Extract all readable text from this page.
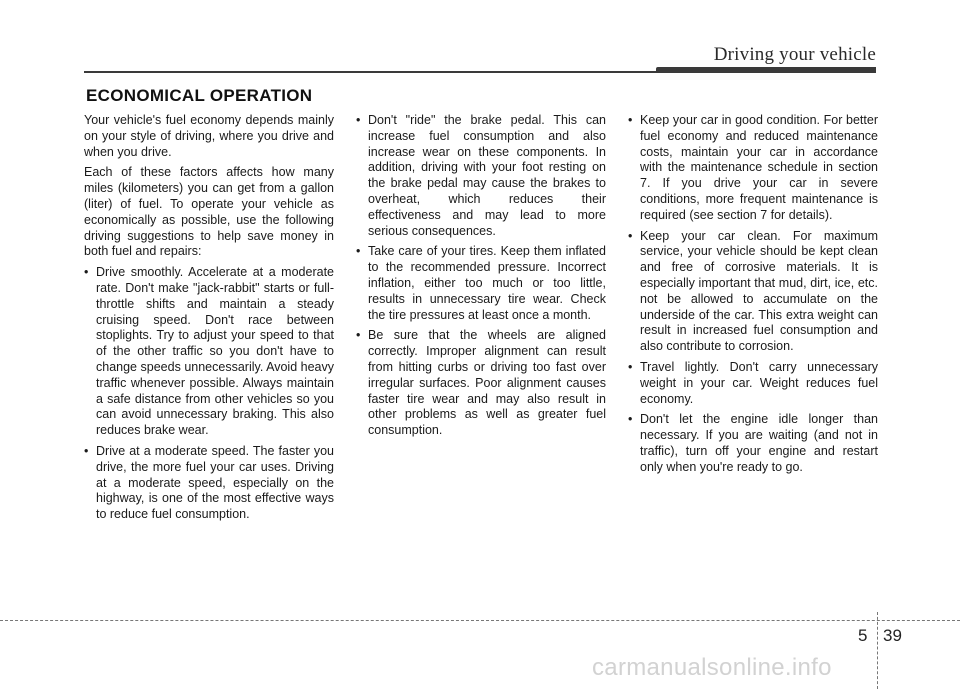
Driving your vehicle
ECONOMICAL OPERATION

Your vehicle's fuel economy depends mainly on your style of driving, where you drive and when you drive.

Each of these factors affects how many miles (kilometers) you can get from a gallon (liter) of fuel. To operate your vehicle as economically as possible, use the following driving suggestions to help save money in both fuel and repairs:

• Drive smoothly. Accelerate at a moderate rate. Don't make "jack-rabbit" starts or full-throttle shifts and maintain a steady cruising speed. Don't race between stoplights. Try to adjust your speed to that of the other traffic so you don't have to change speeds unnecessarily. Avoid heavy traffic whenever possible. Always maintain a safe distance from other vehicles so you can avoid unnecessary braking. This also reduces brake wear.
• Drive at a moderate speed. The faster you drive, the more fuel your car uses. Driving at a moderate speed, especially on the highway, is one of the most effective ways to reduce fuel consumption.
• Don't "ride" the brake pedal. This can increase fuel consumption and also increase wear on these components. In addition, driving with your foot resting on the brake pedal may cause the brakes to overheat, which reduces their effectiveness and may lead to more serious consequences.
• Take care of your tires. Keep them inflated to the recommended pressure. Incorrect inflation, either too much or too little, results in unnecessary tire wear. Check the tire pressures at least once a month.
• Be sure that the wheels are aligned correctly. Improper alignment can result from hitting curbs or driving too fast over irregular surfaces. Poor alignment causes faster tire wear and may also result in other problems as well as greater fuel consumption.
• Keep your car in good condition. For better fuel economy and reduced maintenance costs, maintain your car in accordance with the maintenance schedule in section 7. If you drive your car in severe conditions, more frequent maintenance is required (see section 7 for details).
• Keep your car clean. For maximum service, your vehicle should be kept clean and free of corrosive materials. It is especially important that mud, dirt, ice, etc. not be allowed to accumulate on the underside of the car. This extra weight can result in increased fuel consumption and also contribute to corrosion.
• Travel lightly. Don't carry unnecessary weight in your car. Weight reduces fuel economy.
• Don't let the engine idle longer than necessary. If you are waiting (and not in traffic), turn off your engine and restart only when you're ready to go.
5 39
carmanualsonline.info
